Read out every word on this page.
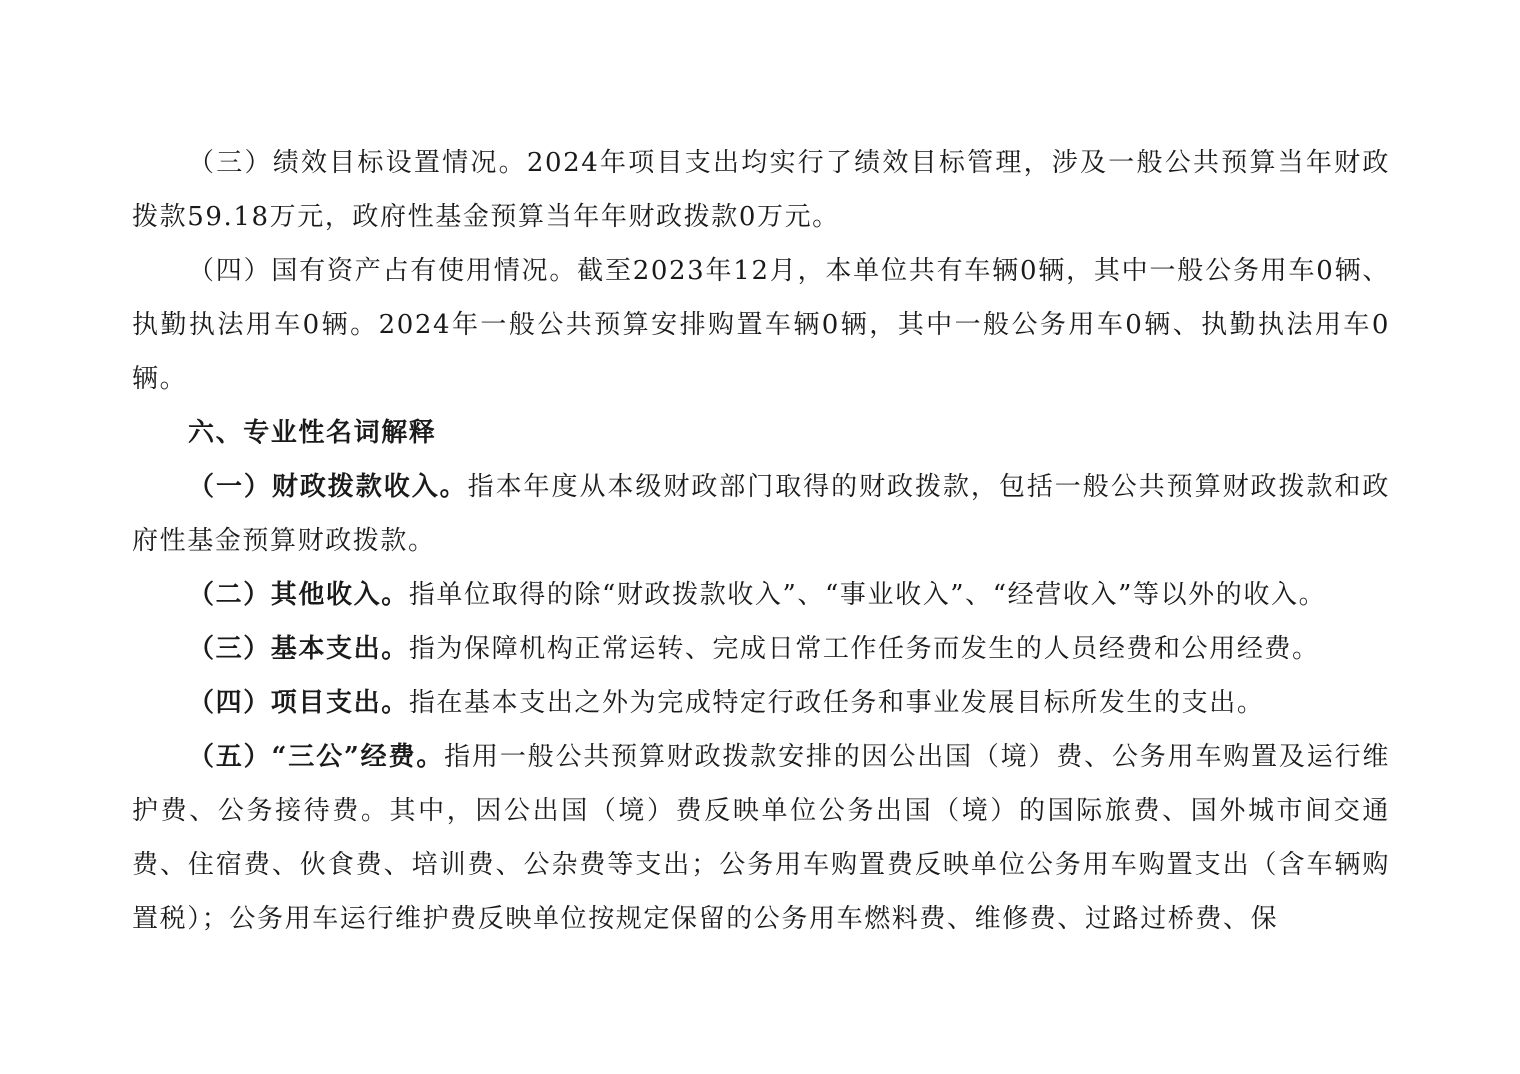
（三）绩效目标设置情况。2024年项目支出均实行了绩效目标管理，涉及一般公共预算当年财政拨款59.18万元，政府性基金预算当年年财政拨款0万元。

（四）国有资产占有使用情况。截至2023年12月，本单位共有车辆0辆，其中一般公务用车0辆、执勤执法用车0辆。2024年一般公共预算安排购置车辆0辆，其中一般公务用车0辆、执勤执法用车0辆。

六、专业性名词解释

（一）财政拨款收入。指本年度从本级财政部门取得的财政拨款，包括一般公共预算财政拨款和政府性基金预算财政拨款。

（二）其他收入。指单位取得的除“财政拨款收入”、“事业收入”、“经营收入”等以外的收入。

（三）基本支出。指为保障机构正常运转、完成日常工作任务而发生的人员经费和公用经费。

（四）项目支出。指在基本支出之外为完成特定行政任务和事业发展目标所发生的支出。

（五）“三公”经费。指用一般公共预算财政拨款安排的因公出国（境）费、公务用车购置及运行维护费、公务接待费。其中，因公出国（境）费反映单位公务出国（境）的国际旅费、国外城市间交通费、住宿费、伙食费、培训费、公杂费等支出；公务用车购置费反映单位公务用车购置支出（含车辆购置税）；公务用车运行维护费反映单位按规定保留的公务用车燃料费、维修费、过路过桥费、保
